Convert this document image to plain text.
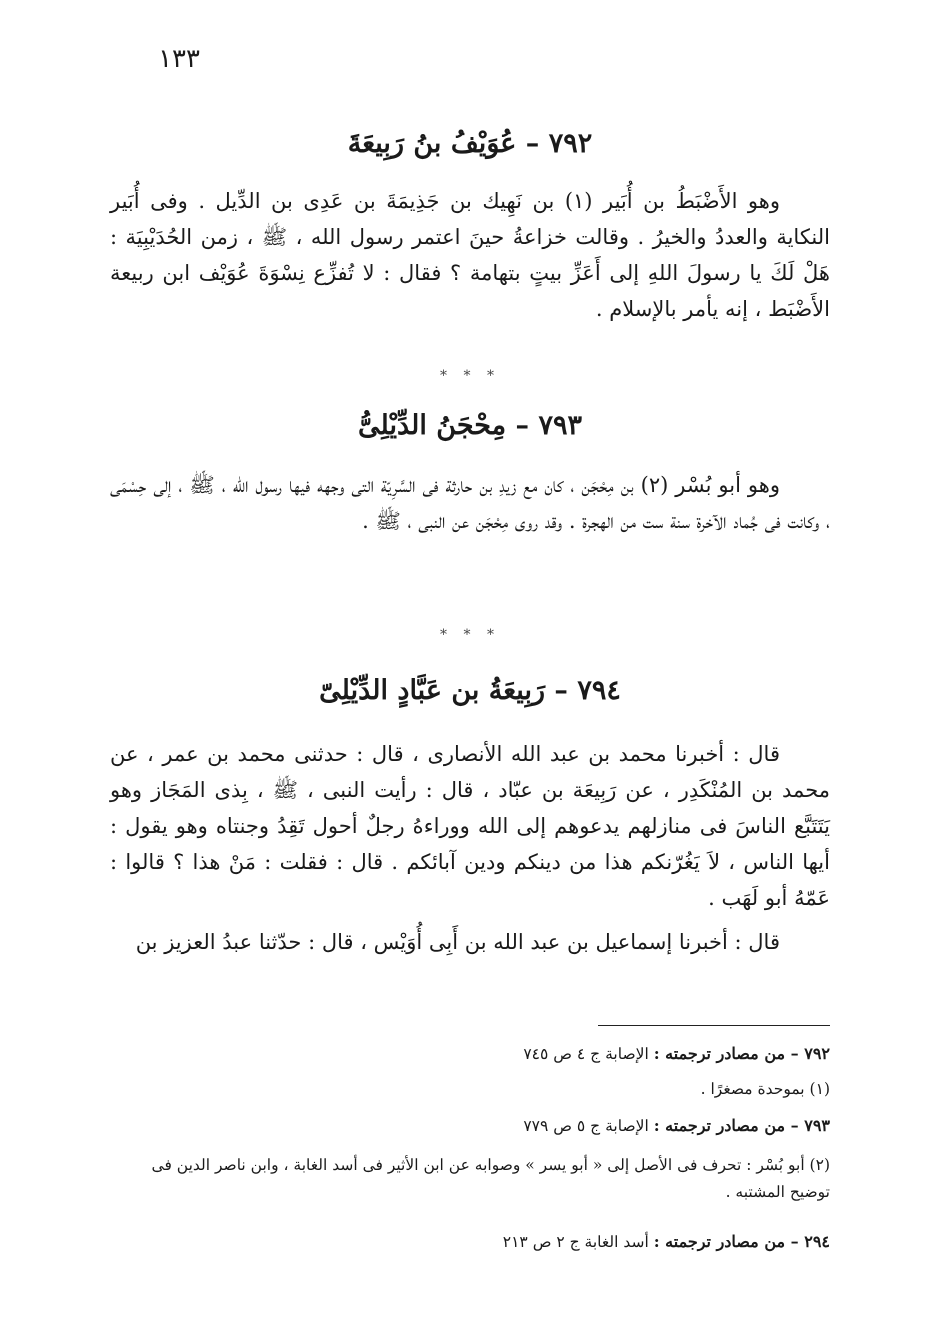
١٣٣
٧٩٢ – عُوَيْفُ بنُ رَبِيعَةَ

وهو الأَضْبَطُ بن أُبَير (١) بن نَهِيك بن جَذِيمَةَ بن عَدِى بن الدِّيل . وفى أُبَير النكاية والعددُ والخيرُ . وقالت خزاعةُ حينَ اعتمر رسول الله ، ﷺ ، زمن الحُدَيْبِيَة : هَلْ لَكَ يا رسولَ اللهِ إلى أَعَزِّ بيتٍ بتهامة ؟ فقال : لا تُفزِّع نِسْوَةَ عُوَيْف ابن ربيعة الأَضْبَط ، إنه يأمر بالإسلام .

* * *

٧٩٣ – مِحْجَنُ الدِّيْلِىُّ

وهو أبو بُسْر (٢) بن مِحْجَن ، كان مع زيدِ بن حارثة فى السَّرِيّة التى وجهه فيها رسول الله ، ﷺ ، إلى حِسْمَى ، وكانت فى جُماد الآخرة سنة ست من الهجرة . وقد روى مِحْجَن عن النبى ، ﷺ .

* * *

٧٩٤ – رَبِيعَةُ بن عَبَّادٍ الدِّيْلِىّ

قال : أخبرنا محمد بن عبد الله الأنصارى ، قال : حدثنى محمد بن عمر ، عن محمد بن المُنْكَدِر ، عن رَبِيعَة بن عبّاد ، قال : رأيت النبى ، ﷺ ، بِذى المَجَاز وهو يَتَتَبَّع الناسَ فى منازلهم يدعوهم إلى الله ووراءهُ رجلٌ أحول تَقِدُ وجنتاه وهو يقول : أيها الناس ، لاَ يَغُرّنكم هذا من دينكم ودين آبائكم . قال : فقلت : مَنْ هذا ؟ قالوا : عَمّهُ أبو لَهَب .

قال : أخبرنا إسماعيل بن عبد الله بن أَبِى أُوَيْس ، قال : حدّثنا عبدُ العزيز بن

٧٩٢ – من مصادر ترجمته : الإصابة ج ٤ ص ٧٤٥

(١) بموحدة مصغرًا .

٧٩٣ – من مصادر ترجمته : الإصابة ج ٥ ص ٧٧٩

(٢) أبو بُسْر : تحرف فى الأصل إلى « أبو يسر » وصوابه عن ابن الأثير فى أسد الغابة ، وابن ناصر الدين فى توضيح المشتبه .

٢٩٤ – من مصادر ترجمته : أسد الغابة ج ٢ ص ٢١٣
